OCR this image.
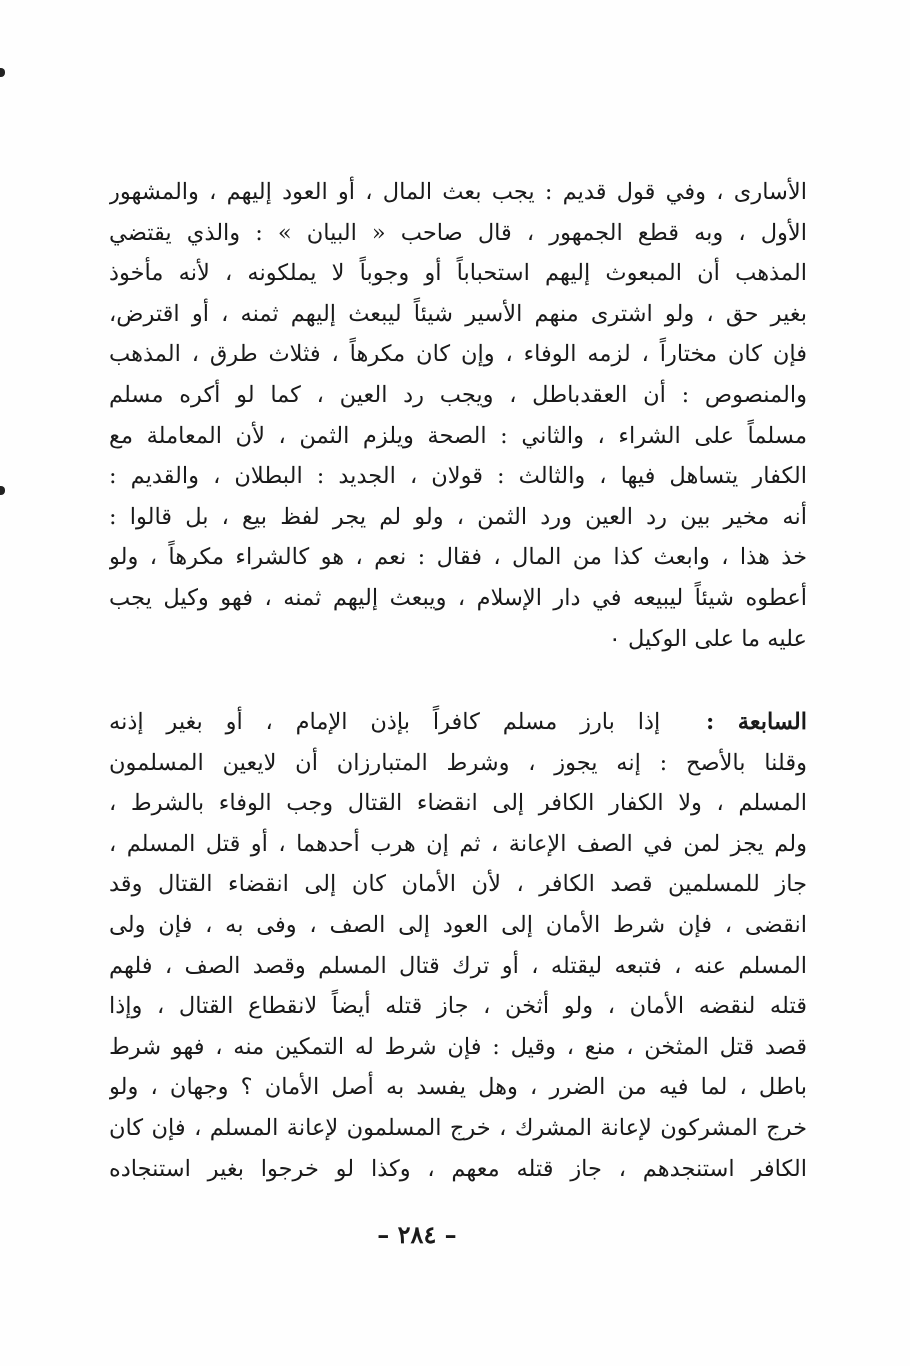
الأسارى ، وفي قول قديم : يجب بعث المال ، أو العود إليهم ، والمشهور
الأول ، وبه قطع الجمهور ، قال صاحب « البيان » : والذي يقتضي
المذهب أن المبعوث إليهم استحباباً أو وجوباً لا يملكونه ، لأنه مأخوذ
بغير حق ، ولو اشترى منهم الأسير شيئاً ليبعث إليهم ثمنه ، أو اقترض،
فإن كان مختاراً ، لزمه الوفاء ، وإن كان مكرهاً ، فثلاث طرق ، المذهب
والمنصوص : أن العقدباطل ، ويجب رد العين ، كما لو أكره مسلم
مسلماً على الشراء ، والثاني : الصحة ويلزم الثمن ، لأن المعاملة مع
الكفار يتساهل فيها ، والثالث : قولان ، الجديد : البطلان ، والقديم :
أنه مخير بين رد العين ورد الثمن ، ولو لم يجر لفظ بيع ، بل قالوا :
خذ هذا ، وابعث كذا من المال ، فقال : نعم ، هو كالشراء مكرهاً ، ولو
أعطوه شيئاً ليبيعه في دار الإسلام ، ويبعث إليهم ثمنه ، فهو وكيل يجب
عليه ما على الوكيل ٠
السابعة :  إذا بارز مسلم كافراً بإذن الإمام ، أو بغير إذنه
وقلنا بالأصح : إنه يجوز ، وشرط المتبارزان أن لايعين المسلمون
المسلم ، ولا الكفار الكافر إلى انقضاء القتال وجب الوفاء بالشرط ،
ولم يجز لمن في الصف الإعانة ، ثم إن هرب أحدهما ، أو قتل المسلم ،
جاز للمسلمين قصد الكافر ، لأن الأمان كان إلى انقضاء القتال وقد
انقضى ، فإن شرط الأمان إلى العود إلى الصف ، وفى به ، فإن ولى
المسلم عنه ، فتبعه ليقتله ، أو ترك قتال المسلم وقصد الصف ، فلهم
قتله لنقضه الأمان ، ولو أثخن ، جاز قتله أيضاً لانقطاع القتال ، وإذا
قصد قتل المثخن ، منع ، وقيل : فإن شرط له التمكين منه ، فهو شرط
باطل ، لما فيه من الضرر ، وهل يفسد به أصل الأمان ؟ وجهان ، ولو
خرج المشركون لإعانة المشرك ، خرج المسلمون لإعانة المسلم ، فإن كان
الكافر استنجدهم ، جاز قتله معهم ، وكذا لو خرجوا بغير استنجاده
– ٢٨٤ –
